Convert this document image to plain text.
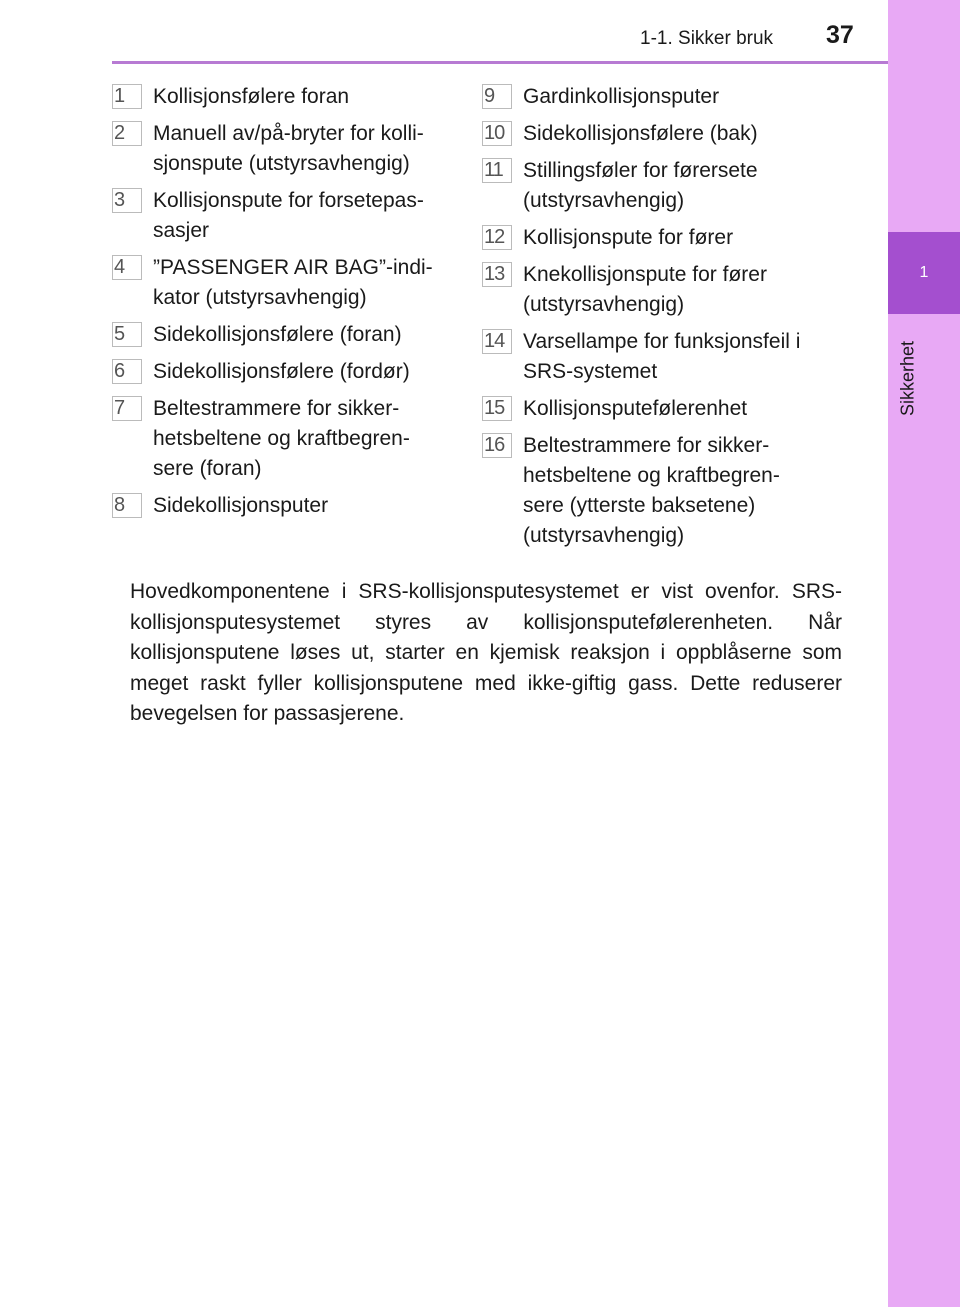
1
Sikkerhet
1-1. Sikker bruk 37
1	Kollisjonsfølere foran
2	Manuell av/på-bryter for kolli-
sjonspute (utstyrsavhengig)
3	Kollisjonspute for forsetepas-
sasjer
4	”PASSENGER AIR BAG”-indi-
kator (utstyrsavhengig)
5	Sidekollisjonsfølere (foran)
6	Sidekollisjonsfølere (fordør)
7	Beltestrammere for sikker-
hetsbeltene og kraftbegren-
sere (foran)
8	Sidekollisjonsputer
9	Gardinkollisjonsputer
10 Sidekollisjonsfølere (bak)
11 Stillingsføler for førersete
(utstyrsavhengig)
12 Kollisjonspute for fører
13 Knekollisjonspute for fører
(utstyrsavhengig)
14 Varsellampe for funksjonsfeil i
SRS-systemet
15 Kollisjonsputefølerenhet
16 Beltestrammere for sikker-
hetsbeltene og kraftbegren-
sere (ytterste baksetene)
(utstyrsavhengig)

Hovedkomponentene i SRS-kollisjonsputesystemet er vist ovenfor. SRS-kollisjonsputesystemet styres av kollisjonsputefølerenheten. Når kollisjonsputene løses ut, starter en kjemisk reaksjon i oppblåserne som meget raskt fyller kollisjonsputene med ikke-giftig gass. Dette reduserer bevegelsen for passasjerene.
